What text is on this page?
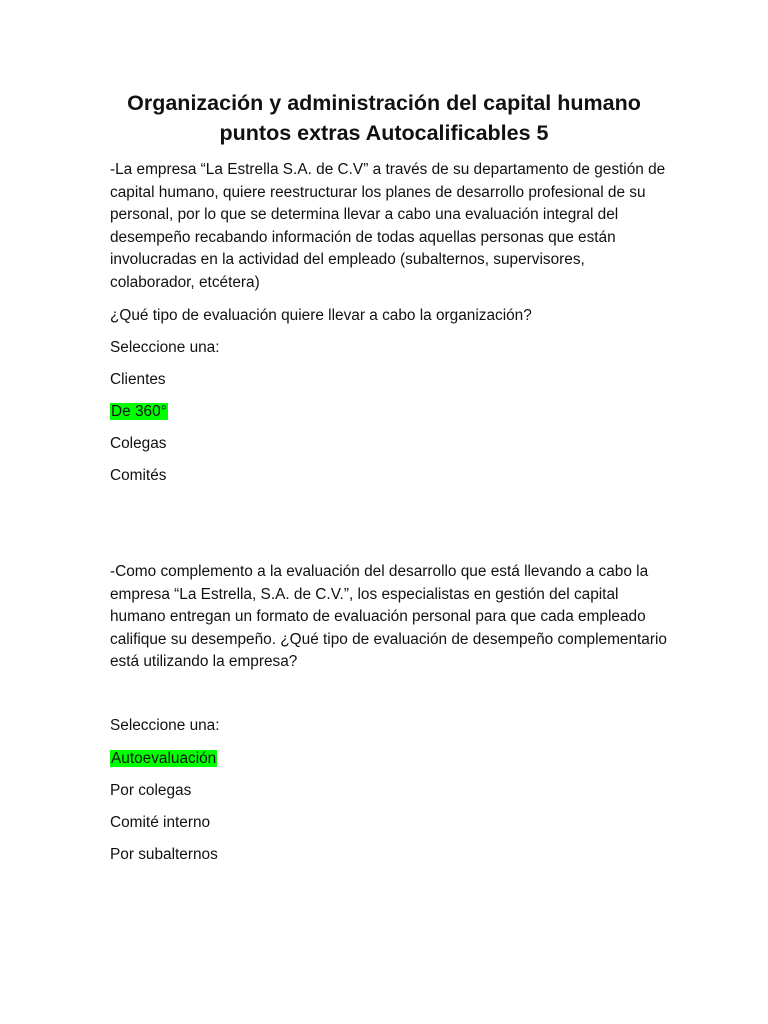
Organización y administración del capital humano
puntos extras Autocalificables 5

-La empresa “La Estrella S.A. de C.V” a través de su departamento de gestión de capital humano, quiere reestructurar los planes de desarrollo profesional de su personal, por lo que se determina llevar a cabo una evaluación integral del desempeño recabando información de todas aquellas personas que están involucradas en la actividad del empleado (subalternos, supervisores, colaborador, etcétera)

¿Qué tipo de evaluación quiere llevar a cabo la organización?

Seleccione una:

Clientes

De 360°

Colegas

Comités

-Como complemento a la evaluación del desarrollo que está llevando a cabo la empresa “La Estrella, S.A. de C.V.”, los especialistas en gestión del capital humano entregan un formato de evaluación personal para que cada empleado califique su desempeño. ¿Qué tipo de evaluación de desempeño complementario está utilizando la empresa?

Seleccione una:

Autoevaluación

Por colegas

Comité interno

Por subalternos
